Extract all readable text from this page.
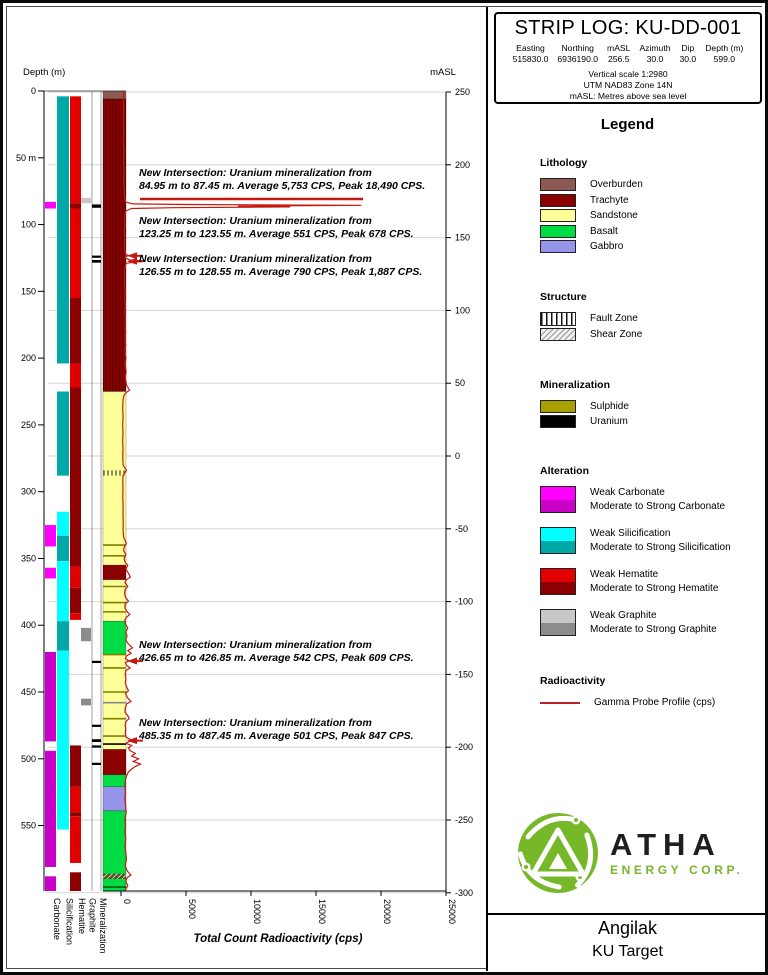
Depth (m)
0
50 m
100
150
200
250
300
350
400
450
500
550
mASL
250
200
150
100
50
0
-50
-100
-150
-200
-250
-300
0	5000	10000	15000	20000	25000
Carbonate Silicification Hematite Graphite Mineralization
New Intersection: Uranium mineralization from
84.95 m to 87.45 m. Average 5,753 CPS, Peak 18,490 CPS.
New Intersection: Uranium mineralization from
123.25 m to 123.55 m. Average 551 CPS, Peak 678 CPS.
New Intersection: Uranium mineralization from
126.55 m to 128.55 m. Average 790 CPS, Peak 1,887 CPS.
New Intersection: Uranium mineralization from
426.65 m to 426.85 m. Average 542 CPS, Peak 609 CPS.
New Intersection: Uranium mineralization from
485.35 m to 487.45 m. Average 501 CPS, Peak 847 CPS.
Total Count Radioactivity (cps)
STRIP LOG: KU-DD-001
Easting
515830.0
Northing
6936190.0
mASL
256.5
Azimuth
30.0
Dip
30.0
Depth (m)
599.0
Vertical scale 1:2980
UTM NAD83 Zone 14N
mASL: Metres above sea level
Legend
Lithology
Overburden
Trachyte
Sandstone
Basalt
Gabbro
Structure
Fault Zone
Shear Zone
Mineralization
Sulphide
Uranium
Alteration
Weak Carbonate
Moderate to Strong Carbonate
Weak Silicification
Moderate to Strong Silicification
Weak Hematite
Moderate to Strong Hematite
Weak Graphite
Moderate to Strong Graphite
Radioactivity
Gamma Probe Profile (cps)
ATHA
ENERGY CORP.
Angilak
KU Target
